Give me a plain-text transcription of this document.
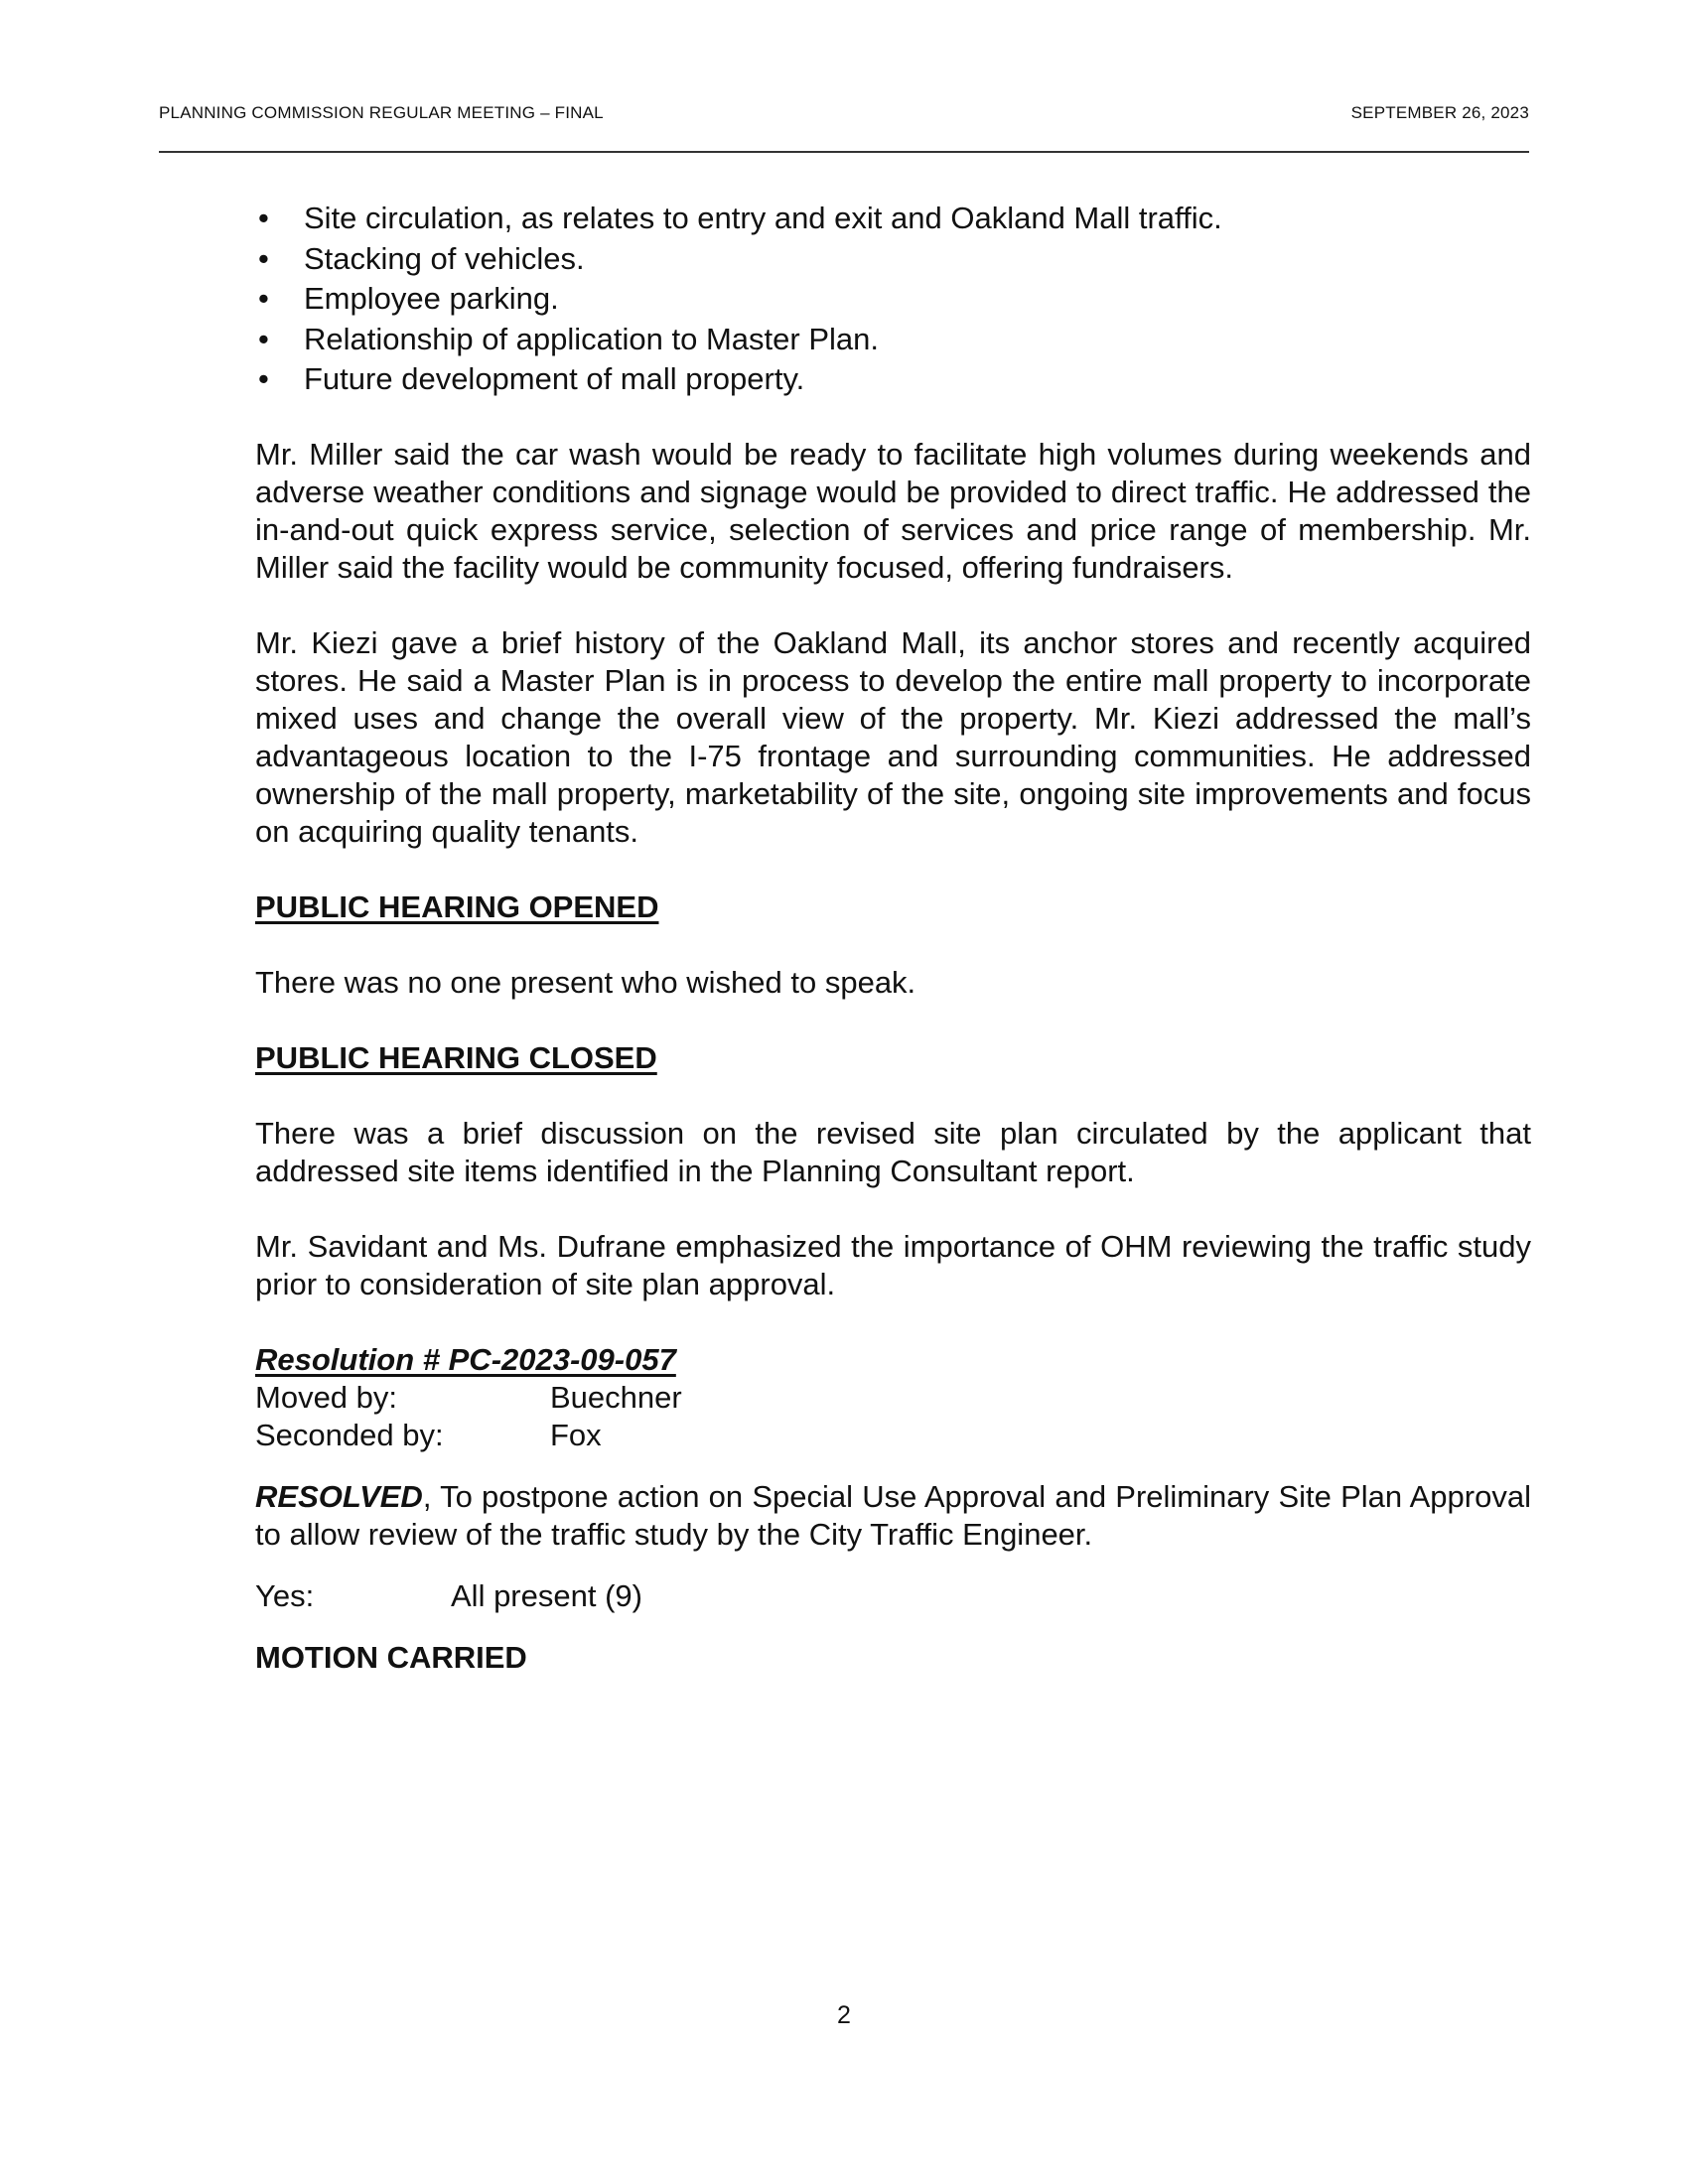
PLANNING COMMISSION REGULAR MEETING – FINAL	SEPTEMBER 26, 2023
• Site circulation, as relates to entry and exit and Oakland Mall traffic.
• Stacking of vehicles.
• Employee parking.
• Relationship of application to Master Plan.
• Future development of mall property.

Mr. Miller said the car wash would be ready to facilitate high volumes during weekends and adverse weather conditions and signage would be provided to direct traffic. He addressed the in-and-out quick express service, selection of services and price range of membership. Mr. Miller said the facility would be community focused, offering fundraisers.

Mr. Kiezi gave a brief history of the Oakland Mall, its anchor stores and recently acquired stores. He said a Master Plan is in process to develop the entire mall property to incorporate mixed uses and change the overall view of the property. Mr. Kiezi addressed the mall’s advantageous location to the I-75 frontage and surrounding communities. He addressed ownership of the mall property, marketability of the site, ongoing site improvements and focus on acquiring quality tenants.

PUBLIC HEARING OPENED

There was no one present who wished to speak.

PUBLIC HEARING CLOSED

There was a brief discussion on the revised site plan circulated by the applicant that addressed site items identified in the Planning Consultant report.

Mr. Savidant and Ms. Dufrane emphasized the importance of OHM reviewing the traffic study prior to consideration of site plan approval.

Resolution # PC-2023-09-057

Moved by:	Buechner
Seconded by:	Fox

RESOLVED, To postpone action on Special Use Approval and Preliminary Site Plan Approval to allow review of the traffic study by the City Traffic Engineer.

Yes:	All present (9)

MOTION CARRIED

2
